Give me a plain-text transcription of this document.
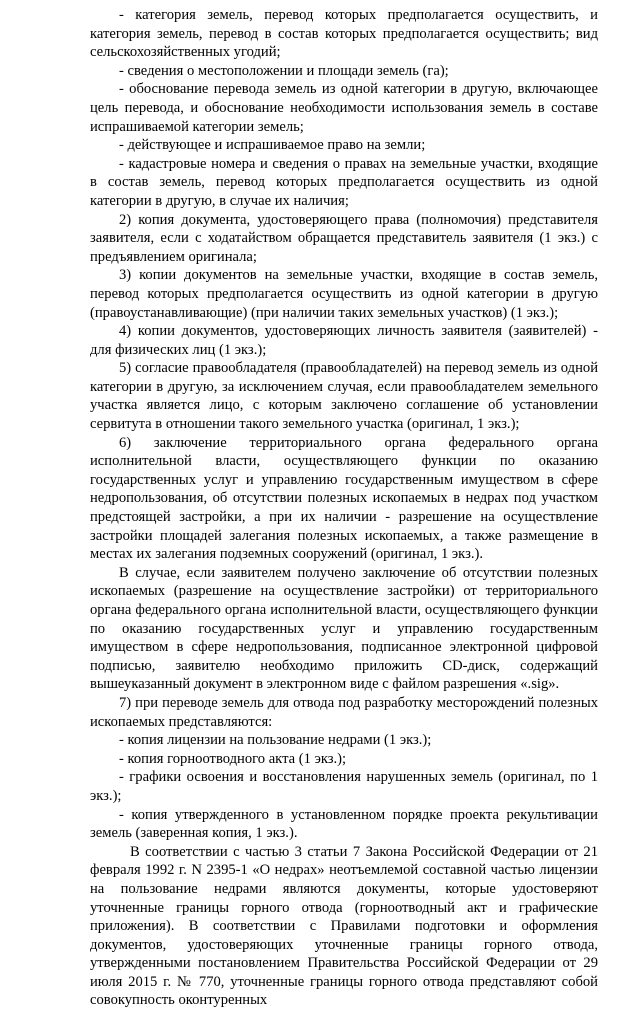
- категория земель, перевод которых предполагается осуществить, и категория земель, перевод в состав которых предполагается осуществить; вид сельскохозяйственных угодий;

- сведения о местоположении и площади земель (га);

- обоснование перевода земель из одной категории в другую, включающее цель перевода, и обоснование необходимости использования земель в составе испрашиваемой категории земель;

- действующее и испрашиваемое право на земли;

- кадастровые номера и сведения о правах на земельные участки, входящие в состав земель, перевод которых предполагается осуществить из одной категории в другую, в случае их наличия;

2) копия документа, удостоверяющего права (полномочия) представителя заявителя, если с ходатайством обращается представитель заявителя (1 экз.) с предъявлением оригинала;

3) копии документов на земельные участки, входящие в состав земель, перевод которых предполагается осуществить из одной категории в другую (правоустанавливающие) (при наличии таких земельных участков) (1 экз.);

4) копии документов, удостоверяющих личность заявителя (заявителей) - для физических лиц (1 экз.);

5) согласие правообладателя (правообладателей) на перевод земель из одной категории в другую, за исключением случая, если правообладателем земельного участка является лицо, с которым заключено соглашение об установлении сервитута в отношении такого земельного участка (оригинал, 1 экз.);

6) заключение территориального органа федерального органа исполнительной власти, осуществляющего функции по оказанию государственных услуг и управлению государственным имуществом в сфере недропользования, об отсутствии полезных ископаемых в недрах под участком предстоящей застройки, а при их наличии - разрешение на осуществление застройки площадей залегания полезных ископаемых, а также размещение в местах их залегания подземных сооружений (оригинал, 1 экз.).

В случае, если заявителем получено заключение об отсутствии полезных ископаемых (разрешение на осуществление застройки) от территориального органа федерального органа исполнительной власти, осуществляющего функции по оказанию государственных услуг и управлению государственным имуществом в сфере недропользования, подписанное электронной цифровой подписью, заявителю необходимо приложить CD-диск, содержащий вышеуказанный документ в электронном виде с файлом разрешения «.sig».

7) при переводе земель для отвода под разработку месторождений полезных ископаемых представляются:

- копия лицензии на пользование недрами (1 экз.);

- копия горноотводного акта (1 экз.);

- графики освоения и восстановления нарушенных земель (оригинал, по 1 экз.);

- копия утвержденного в установленном порядке проекта рекультивации земель (заверенная копия, 1 экз.).

В соответствии с частью 3 статьи 7 Закона Российской Федерации от 21 февраля 1992 г. N 2395-1 «О недрах» неотъемлемой составной частью лицензии на пользование недрами являются документы, которые удостоверяют уточненные границы горного отвода (горноотводный акт и графические приложения). В соответствии с Правилами подготовки и оформления документов, удостоверяющих уточненные границы горного отвода, утвержденными постановлением Правительства Российской Федерации от 29 июля 2015 г. № 770, уточненные границы горного отвода представляют собой совокупность оконтуренных
